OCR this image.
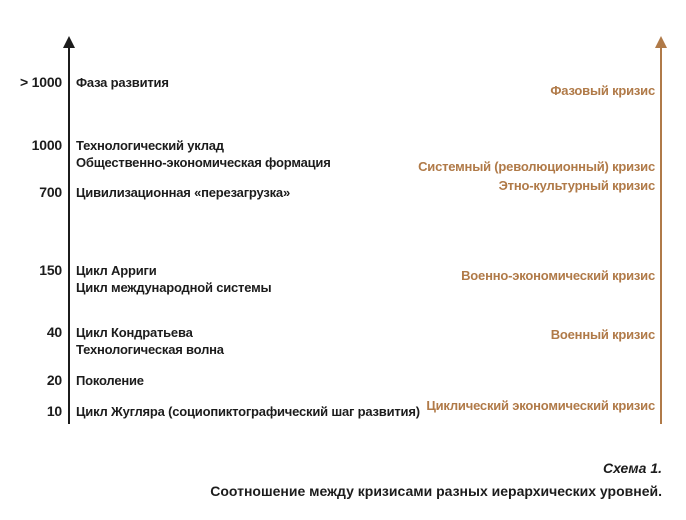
> 1000
1000
700
150
40
20
10
Фаза развития
Технологический уклад
Общественно-экономическая формация
Цивилизационная «перезагрузка»
Цикл Арриги
Цикл международной системы
Цикл Кондратьева
Технологическая волна
Поколение
Цикл Жугляра (социопиктографический шаг развития)
Фазовый кризис
Системный (революционный) кризис
Этно-культурный кризис
Военно-экономический кризис
Военный кризис
Циклический экономический кризис
Схема 1.
Соотношение между кризисами разных иерархических уровней.
